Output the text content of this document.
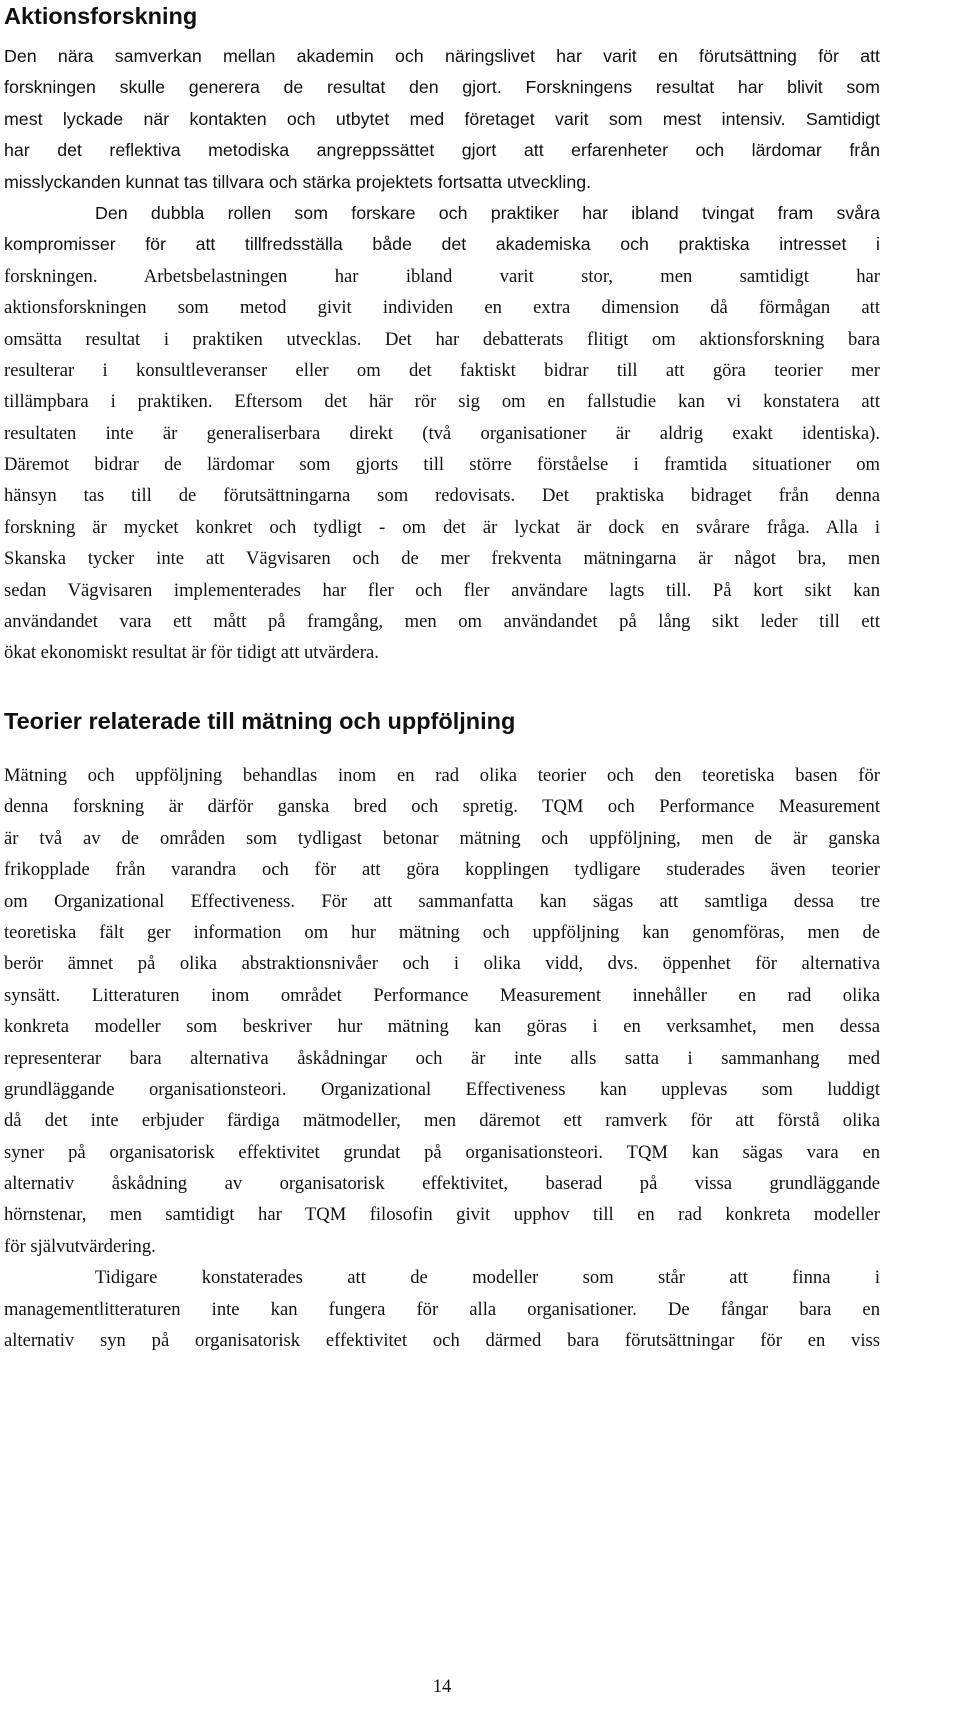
Aktionsforskning
Den nära samverkan mellan akademin och näringslivet har varit en förutsättning för att
forskningen skulle generera de resultat den gjort. Forskningens resultat har blivit som
mest lyckade när kontakten och utbytet med företaget varit som mest intensiv. Samtidigt
har det reflektiva metodiska angreppssättet gjort att erfarenheter och lärdomar från
misslyckanden kunnat tas tillvara och stärka projektets fortsatta utveckling.
Den dubbla rollen som forskare och praktiker har ibland tvingat fram svåra
kompromisser för att tillfredsställa både det akademiska och praktiska intresset i
forskningen. Arbetsbelastningen har ibland varit stor, men samtidigt har
aktionsforskningen som metod givit individen en extra dimension då förmågan att
omsätta resultat i praktiken utvecklas. Det har debatterats flitigt om aktionsforskning bara
resulterar i konsultleveranser eller om det faktiskt bidrar till att göra teorier mer
tillämpbara i praktiken. Eftersom det här rör sig om en fallstudie kan vi konstatera att
resultaten inte är generaliserbara direkt (två organisationer är aldrig exakt identiska).
Däremot bidrar de lärdomar som gjorts till större förståelse i framtida situationer om
hänsyn tas till de förutsättningarna som redovisats. Det praktiska bidraget från denna
forskning är mycket konkret och tydligt - om det är lyckat är dock en svårare fråga. Alla i
Skanska tycker inte att Vägvisaren och de mer frekventa mätningarna är något bra, men
sedan Vägvisaren implementerades har fler och fler användare lagts till. På kort sikt kan
användandet vara ett mått på framgång, men om användandet på lång sikt leder till ett
ökat ekonomiskt resultat är för tidigt att utvärdera.
Teorier relaterade till mätning och uppföljning
Mätning och uppföljning behandlas inom en rad olika teorier och den teoretiska basen för
denna forskning är därför ganska bred och spretig. TQM och Performance Measurement
är två av de områden som tydligast betonar mätning och uppföljning, men de är ganska
frikopplade från varandra och för att göra kopplingen tydligare studerades även teorier
om Organizational Effectiveness. För att sammanfatta kan sägas att samtliga dessa tre
teoretiska fält ger information om hur mätning och uppföljning kan genomföras, men de
berör ämnet på olika abstraktionsnivåer och i olika vidd, dvs. öppenhet för alternativa
synsätt. Litteraturen inom området Performance Measurement innehåller en rad olika
konkreta modeller som beskriver hur mätning kan göras i en verksamhet, men dessa
representerar bara alternativa åskådningar och är inte alls satta i sammanhang med
grundläggande organisationsteori. Organizational Effectiveness kan upplevas som luddigt
då det inte erbjuder färdiga mätmodeller, men däremot ett ramverk för att förstå olika
syner på organisatorisk effektivitet grundat på organisationsteori. TQM kan sägas vara en
alternativ åskådning av organisatorisk effektivitet, baserad på vissa grundläggande
hörnstenar, men samtidigt har TQM filosofin givit upphov till en rad konkreta modeller
för självutvärdering.
Tidigare konstaterades att de modeller som står att finna i
managementlitteraturen inte kan fungera för alla organisationer. De fångar bara en
alternativ syn på organisatorisk effektivitet och därmed bara förutsättningar för en viss
14
